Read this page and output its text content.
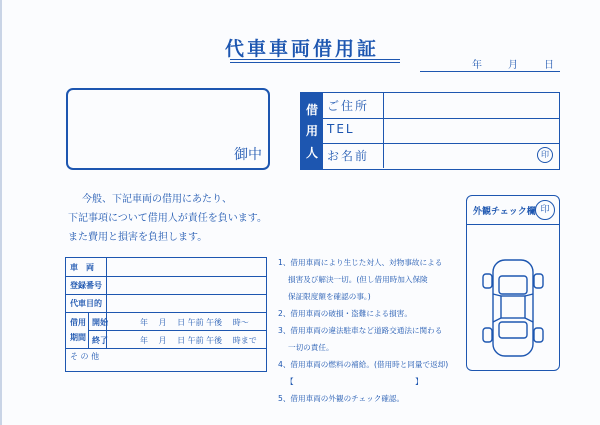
代車車両借用証
年	月	日
御中
借
用
人
ご住所
TEL
お名前	印
今般、下記車両の借用にあたり、
下記事項について借用人が責任を負います。
また費用と損害を負担します。
外観チェック欄 印
車　両
登録番号
代車目的
借用
期間
開始	年　 月　 日 午前 午後　 時〜
終了	年　 月　 日 午前 午後　 時まで
そ の 他
1、借用車両により生じた対人、対物事故による
損害及び解決一切。(但し借用時加入保険
保証限度額を確認の事。)
2、借用車両の破損・盗難による損害。
3、借用車両の違法駐車など道路交通法に関わる
一切の責任。
4、借用車両の燃料の補給。(借用時と同量で返却)
【　　　　　　　　　　　　　　　　】
5、借用車両の外観のチェック確認。
